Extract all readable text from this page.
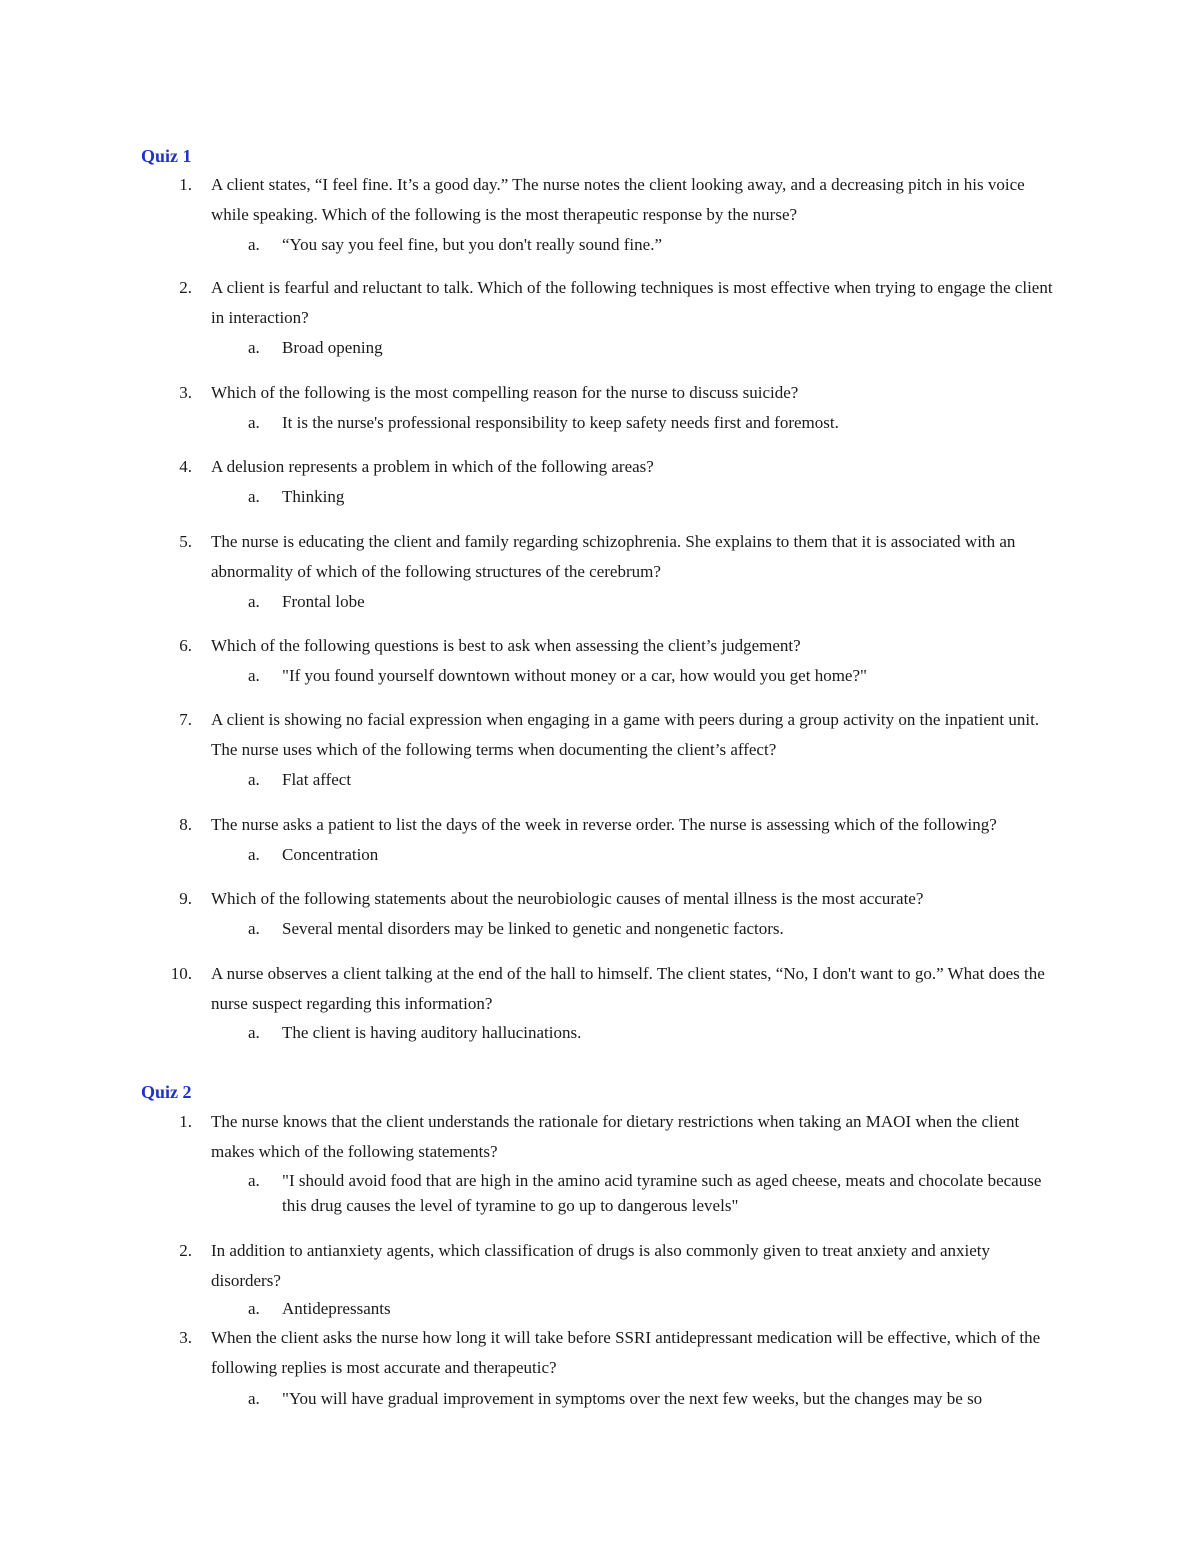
Quiz 1
1. A client states, “I feel fine. It’s a good day.” The nurse notes the client looking away, and a decreasing pitch in his voice while speaking. Which of the following is the most therapeutic response by the nurse?
a. “You say you feel fine, but you don't really sound fine.”
2. A client is fearful and reluctant to talk. Which of the following techniques is most effective when trying to engage the client in interaction?
a. Broad opening
3. Which of the following is the most compelling reason for the nurse to discuss suicide?
a. It is the nurse's professional responsibility to keep safety needs first and foremost.
4. A delusion represents a problem in which of the following areas?
a. Thinking
5. The nurse is educating the client and family regarding schizophrenia. She explains to them that it is associated with an abnormality of which of the following structures of the cerebrum?
a. Frontal lobe
6. Which of the following questions is best to ask when assessing the client’s judgement?
a. "If you found yourself downtown without money or a car, how would you get home?"
7. A client is showing no facial expression when engaging in a game with peers during a group activity on the inpatient unit. The nurse uses which of the following terms when documenting the client’s affect?
a. Flat affect
8. The nurse asks a patient to list the days of the week in reverse order. The nurse is assessing which of the following?
a. Concentration
9. Which of the following statements about the neurobiologic causes of mental illness is the most accurate?
a. Several mental disorders may be linked to genetic and nongenetic factors.
10. A nurse observes a client talking at the end of the hall to himself. The client states, “No, I don't want to go.” What does the nurse suspect regarding this information?
a. The client is having auditory hallucinations.
Quiz 2
1. The nurse knows that the client understands the rationale for dietary restrictions when taking an MAOI when the client makes which of the following statements?
a. "I should avoid food that are high in the amino acid tyramine such as aged cheese, meats and chocolate because this drug causes the level of tyramine to go up to dangerous levels"
2. In addition to antianxiety agents, which classification of drugs is also commonly given to treat anxiety and anxiety disorders?
a. Antidepressants
3. When the client asks the nurse how long it will take before SSRI antidepressant medication will be effective, which of the following replies is most accurate and therapeutic?
a. "You will have gradual improvement in symptoms over the next few weeks, but the changes may be so
